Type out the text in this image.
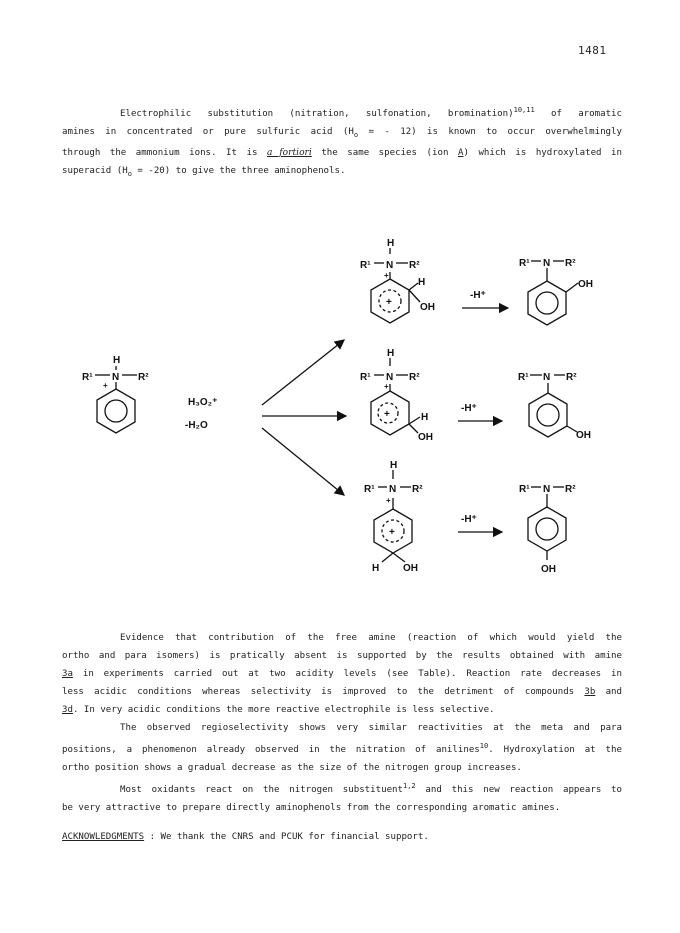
1481
Electrophilic substitution (nitration, sulfonation, bromination)$^{10,11}$ of aromatic
amines in concentrated or pure sulfuric acid ($H_o$ = - 12) is known to occur overwhelmingly
through the ammonium ions. It is a fortiori the same species (ion A) which is hydroxylated in
superacid $(H_o = -20)$ to give the three aminophenols.
H
N
R¹	R²
+
H₃O₂⁺
-H₂O
H
R¹ N R²
+
H
OH
+
-H⁺
R¹ N R²
OH
H
R¹ N R²
+
+	H
OH
-H⁺
R¹ N R²
OH
H
R¹ N R²
+
+
H OH
-H⁺
R¹ N R²
OH
Evidence that contribution of the free amine (reaction of which would yield the
ortho and para isomers) is pratically absent is supported by the results obtained with amine
3a in experiments carried out at two acidity levels (see Table). Reaction rate decreases in
less acidic conditions whereas selectivity is improved to the detriment of compounds 3b and
3d. In very acidic conditions the more reactive electrophile is less selective.
The observed regioselectivity shows very similar reactivities at the meta and para
positions, a phenomenon already observed in the nitration of anilines$^{10}$. Hydroxylation at the
ortho position shows a gradual decrease as the size of the nitrogen group increases.
Most oxidants react on the nitrogen substituent$^{1,2}$ and this new reaction appears to
be very attractive to prepare directly aminophenols from the corresponding aromatic amines.
ACKNOWLEDGMENTS : We thank the CNRS and PCUK for financial support.
